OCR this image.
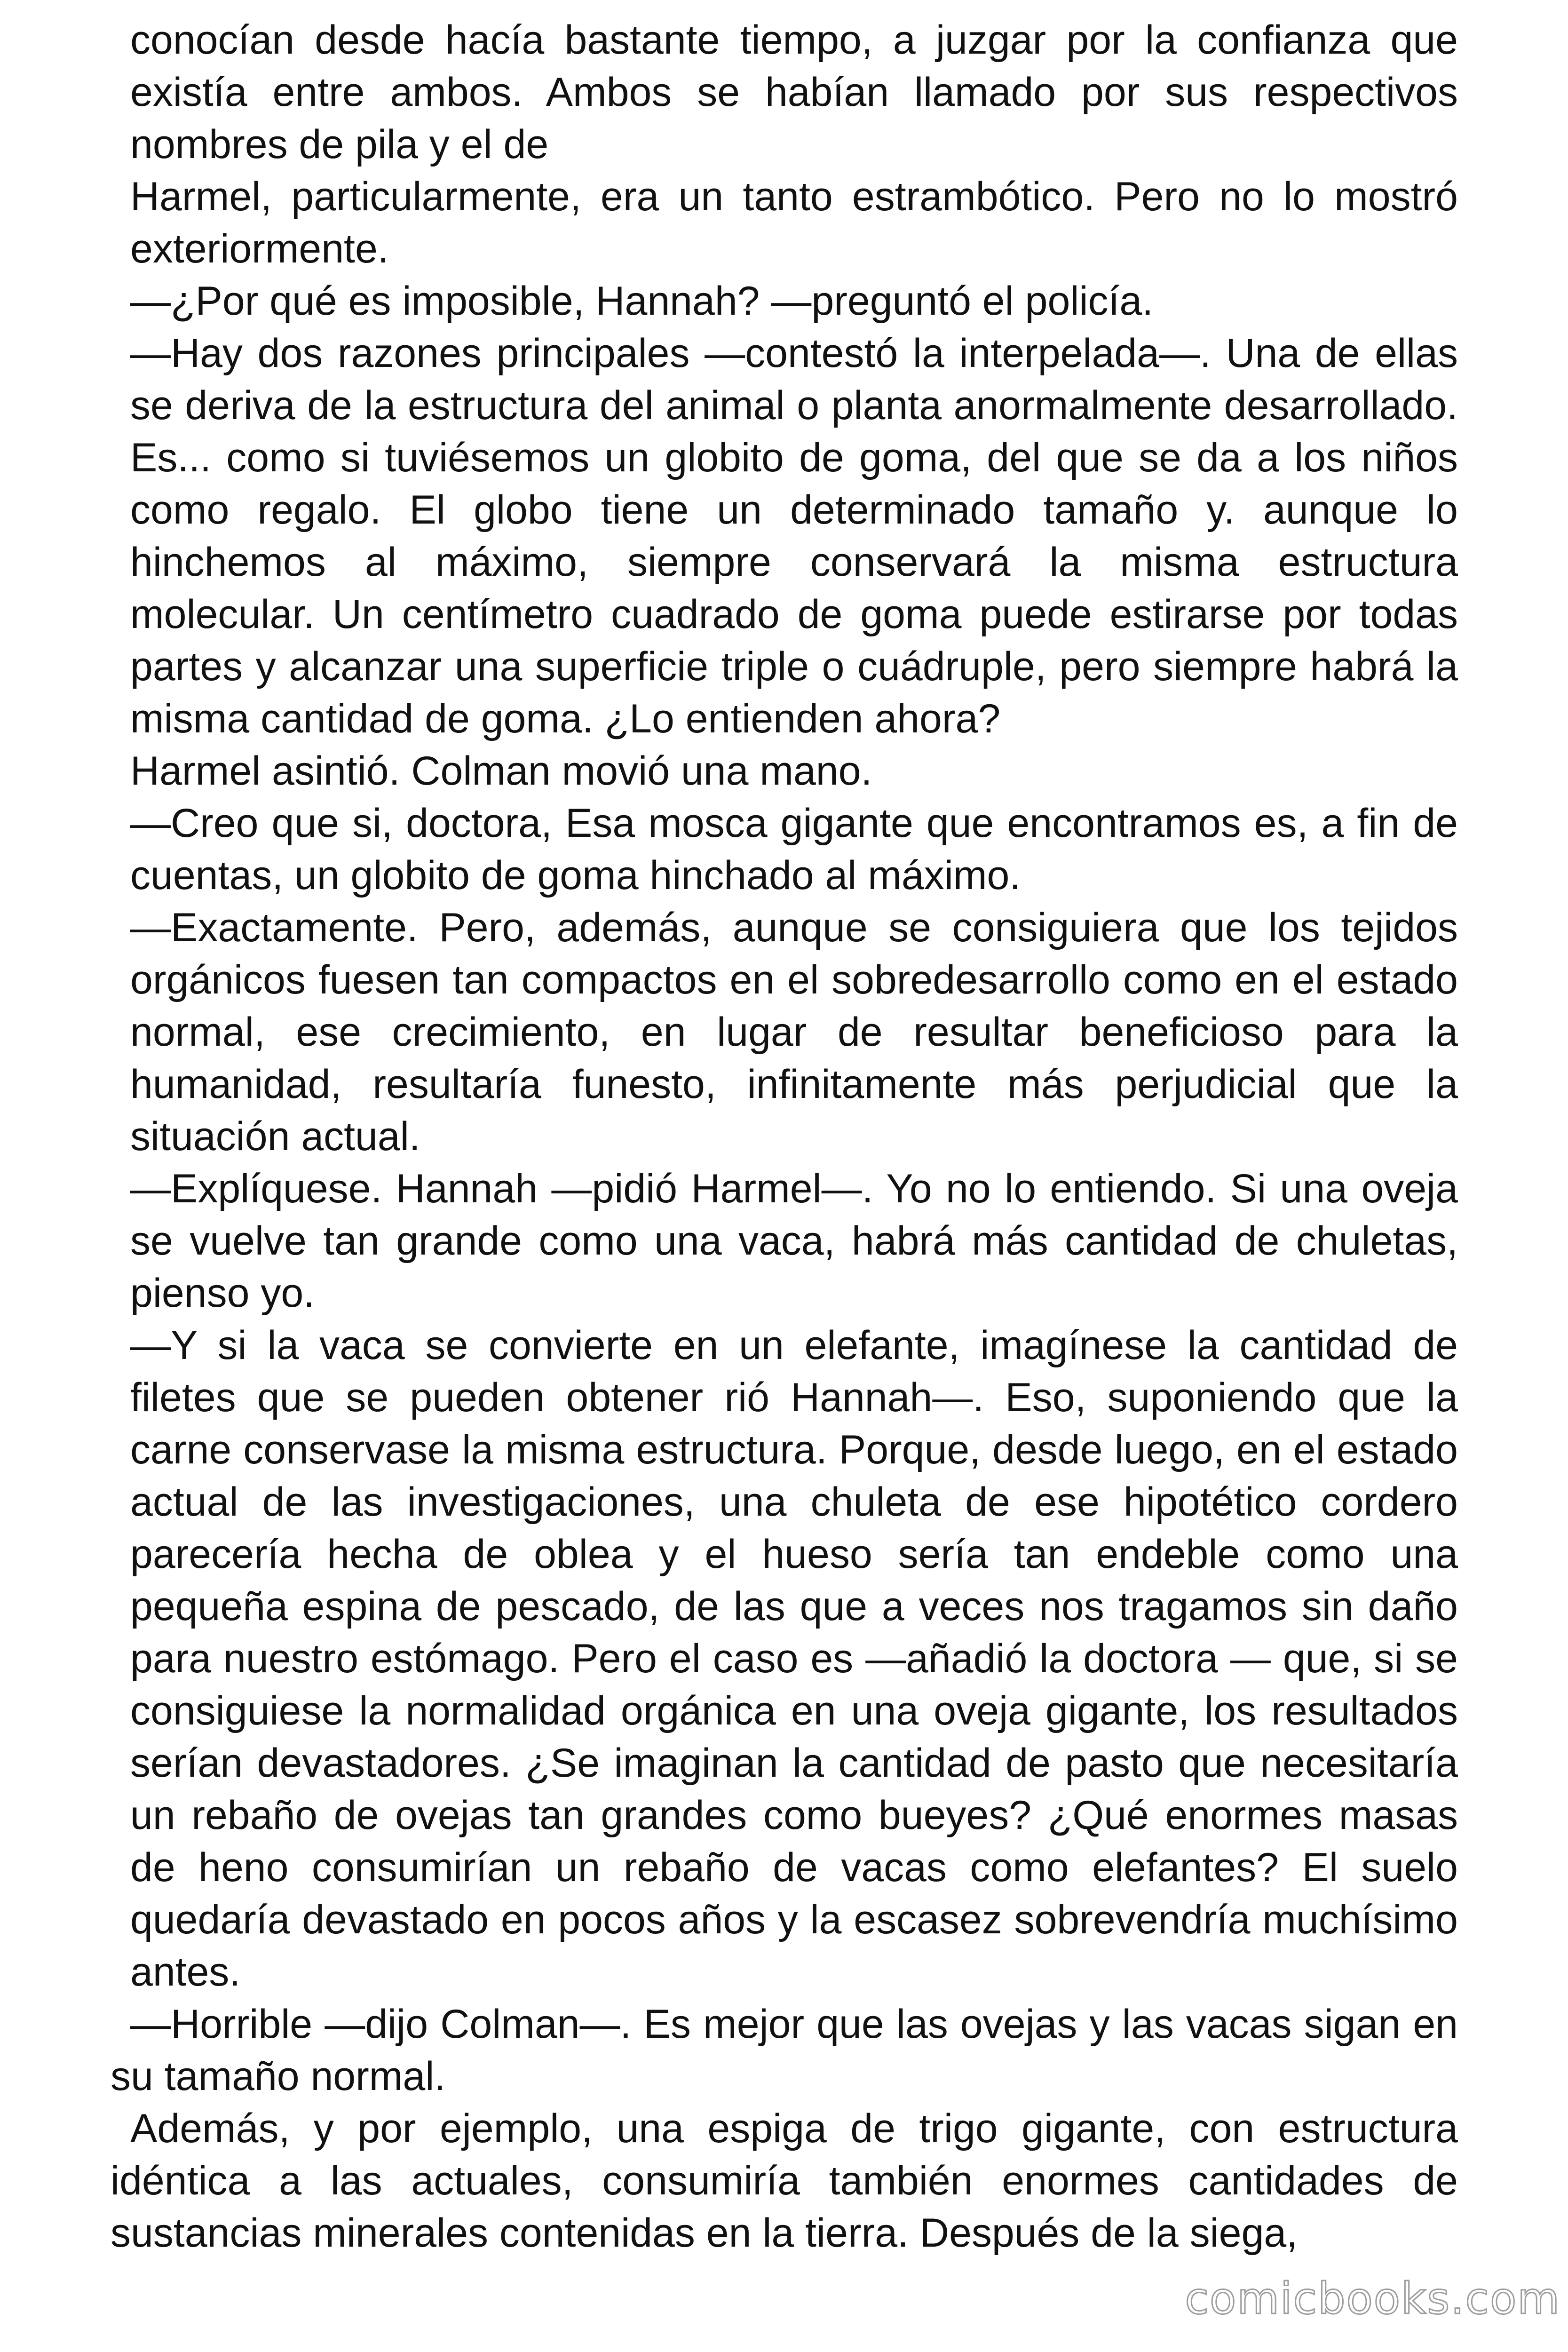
conocían desde hacía bastante tiempo, a juzgar por la confianza que existía entre ambos. Ambos se habían llamado por sus respectivos nombres de pila y el de

Harmel, particularmente, era un tanto estrambótico. Pero no lo mostró exteriormente.

—¿Por qué es imposible, Hannah? —preguntó el policía.

—Hay dos razones principales —contestó la interpelada—. Una de ellas se deriva de la estructura del animal o planta anormalmente desarrollado. Es... como si tuviésemos un globito de goma, del que se da a los niños como regalo. El globo tiene un determinado tamaño y. aunque lo hinchemos al máximo, siempre conservará la misma estructura molecular. Un centímetro cuadrado de goma puede estirarse por todas partes y alcanzar una superficie triple o cuádruple, pero siempre habrá la misma cantidad de goma. ¿Lo entienden ahora?

Harmel asintió. Colman movió una mano.

—Creo que si, doctora, Esa mosca gigante que encontramos es, a fin de cuentas, un globito de goma hinchado al máximo.

—Exactamente. Pero, además, aunque se consiguiera que los tejidos orgánicos fuesen tan compactos en el sobredesarrollo como en el estado normal, ese crecimiento, en lugar de resultar beneficioso para la humanidad, resultaría funesto, infinitamente más perjudicial que la situación actual.

—Explíquese. Hannah —pidió Harmel—. Yo no lo entiendo. Si una oveja se vuelve tan grande como una vaca, habrá más cantidad de chuletas, pienso yo.

—Y si la vaca se convierte en un elefante, imagínese la cantidad de filetes que se pueden obtener rió Hannah—. Eso, suponiendo que la carne conservase la misma estructura. Porque, desde luego, en el estado actual de las investigaciones, una chuleta de ese hipotético cordero parecería hecha de oblea y el hueso sería tan endeble como una pequeña espina de pescado, de las que a veces nos tragamos sin daño para nuestro estómago. Pero el caso es —añadió la doctora — que, si se consiguiese la normalidad orgánica en una oveja gigante, los resultados serían devastadores. ¿Se imaginan la cantidad de pasto que necesitaría un rebaño de ovejas tan grandes como bueyes? ¿Qué enormes masas de heno consumirían un rebaño de vacas como elefantes? El suelo quedaría devastado en pocos años y la escasez sobrevendría muchísimo antes.

—Horrible —dijo Colman—. Es mejor que las ovejas y las vacas sigan en su tamaño normal.

Además, y por ejemplo, una espiga de trigo gigante, con estructura idéntica a las actuales, consumiría también enormes cantidades de sustancias minerales contenidas en la tierra. Después de la siega,

comicbooks.com
